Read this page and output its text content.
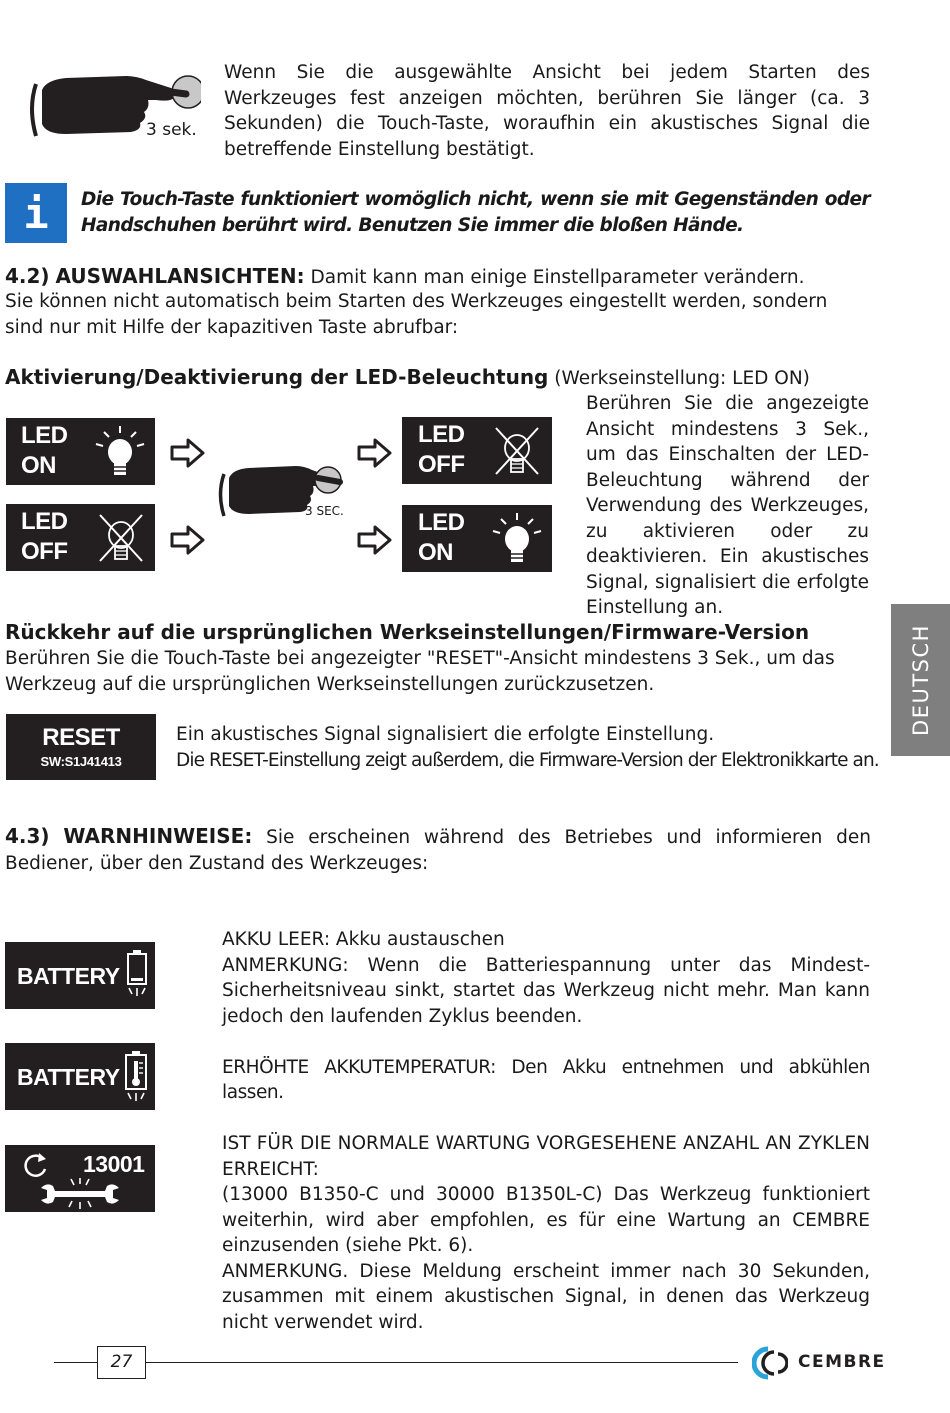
3 sek.

Wenn Sie die ausgewählte Ansicht bei jedem Starten des Werkzeuges fest anzeigen möchten, berühren Sie länger (ca. 3 Sekunden) die Touch-Taste, woraufhin ein akustisches Signal die betreffende Einstellung bestätigt.

i	Die Touch-Taste funktioniert womöglich nicht, wenn sie mit Gegenständen oder Handschuhen berührt wird. Benutzen Sie immer die bloßen Hände.

4.2) AUSWAHLANSICHTEN: Damit kann man einige Einstellparameter verändern.

Sie können nicht automatisch beim Starten des Werkzeuges eingestellt werden, sondern sind nur mit Hilfe der kapazitiven Taste abrufbar:

Aktivierung/Deaktivierung der LED-Beleuchtung (Werkseinstellung: LED ON)

LED
ON
LED
OFF
3 SEC.
LED
OFF
LED
ON

Berühren Sie die angezeigte Ansicht mindestens 3 Sek., um das Einschalten der LED-Beleuchtung während der Verwendung des Werkzeuges, zu aktivieren oder zu deaktivieren. Ein akustisches Signal, signalisiert die erfolgte Einstellung an.

Rückkehr auf die ursprünglichen Werkseinstellungen/Firmware-Version

Berühren Sie die Touch-Taste bei angezeigter "RESET"-Ansicht mindestens 3 Sek., um das Werkzeug auf die ursprünglichen Werkseinstellungen zurückzusetzen.

RESET
SW:S1J41413

Ein akustisches Signal signalisiert die erfolgte Einstellung.

Die RESET-Einstellung zeigt außerdem, die Firmware-Version der Elektronikkarte an.

4.3) WARNHINWEISE: Sie erscheinen während des Betriebes und informieren den Bediener, über den Zustand des Werkzeuges:

BATTERY
BATTERY
13001

AKKU LEER: Akku austauschen

ANMERKUNG: Wenn die Batteriespannung unter das Mindest-Sicherheitsniveau sinkt, startet das Werkzeug nicht mehr. Man kann jedoch den laufenden Zyklus beenden.

ERHÖHTE AKKUTEMPERATUR: Den Akku entnehmen und abkühlen lassen.

IST FÜR DIE NORMALE WARTUNG VORGESEHENE ANZAHL AN ZYKLEN ERREICHT:

(13000 B1350-C und 30000 B1350L-C) Das Werkzeug funktioniert weiterhin, wird aber empfohlen, es für eine Wartung an CEMBRE einzusenden (siehe Pkt. 6).

ANMERKUNG. Diese Meldung erscheint immer nach 30 Sekunden, zusammen mit einem akustischen Signal, in denen das Werkzeug nicht verwendet wird.

DEUTSCH
27	CEMBRE
